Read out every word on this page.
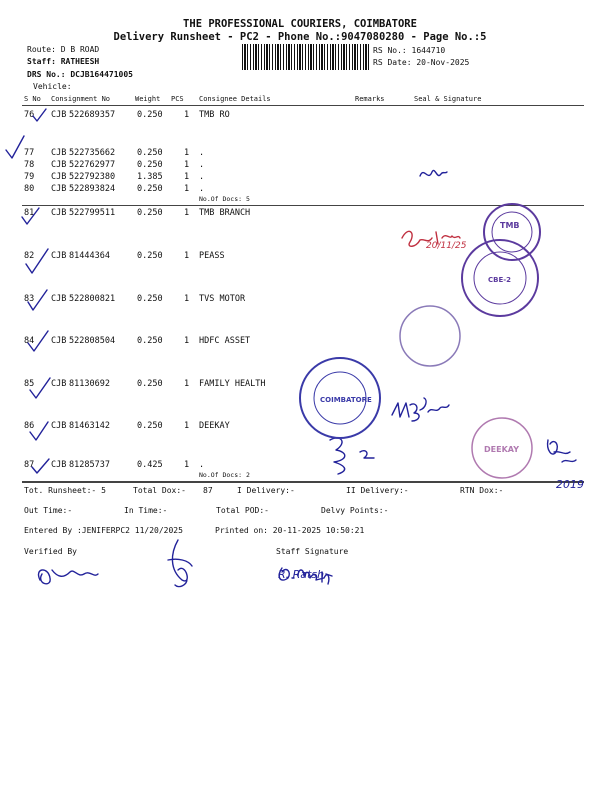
THE PROFESSIONAL COURIERS, COIMBATORE
Delivery Runsheet - PC2 - Phone No.:9047080280 - Page No.:5
Route: D B ROAD
Staff: RATHEESH
DRS No.: DCJB164471005
Vehicle:
RS No.: 1644710
RS Date: 20-Nov-2025
S No Consignment No	Weight PCS Consignee Details	Remarks	Seal & Signature
76 CJB 522689357	0.250	1 TMB RO
77 CJB 522735662	0.250	1 .
78 CJB 522762977	0.250	1 .
79 CJB 522792380	1.385	1 .
80 CJB 522893824	0.250	1 .
No.Of Docs: 5
81 CJB 522799511	0.250	1 TMB BRANCH
82 CJB 81444364	0.250	1 PEASS
83 CJB 522800821	0.250	1 TVS MOTOR
84 CJB 522808504	0.250	1 HDFC ASSET
85 CJB 81130692	0.250	1 FAMILY HEALTH
86 CJB 81463142	0.250	1 DEEKAY
87 CJB 81285737	0.425	1 .
No.Of Docs: 2
Tot. Runsheet:- 5	Total Dox:- 87	I Delivery:-	II Delivery:-	RTN Dox:-
Out Time:-	In Time:-	Total POD:-	Delvy Points:-
Entered By :JENIFERPC2 11/20/2025	Printed on: 20-11-2025 10:50:21
Verified By	Staff Signature
2019
20/11/25
R. Ratsh
TMB
CBE-2
COIMBATORE
DEEKAY
